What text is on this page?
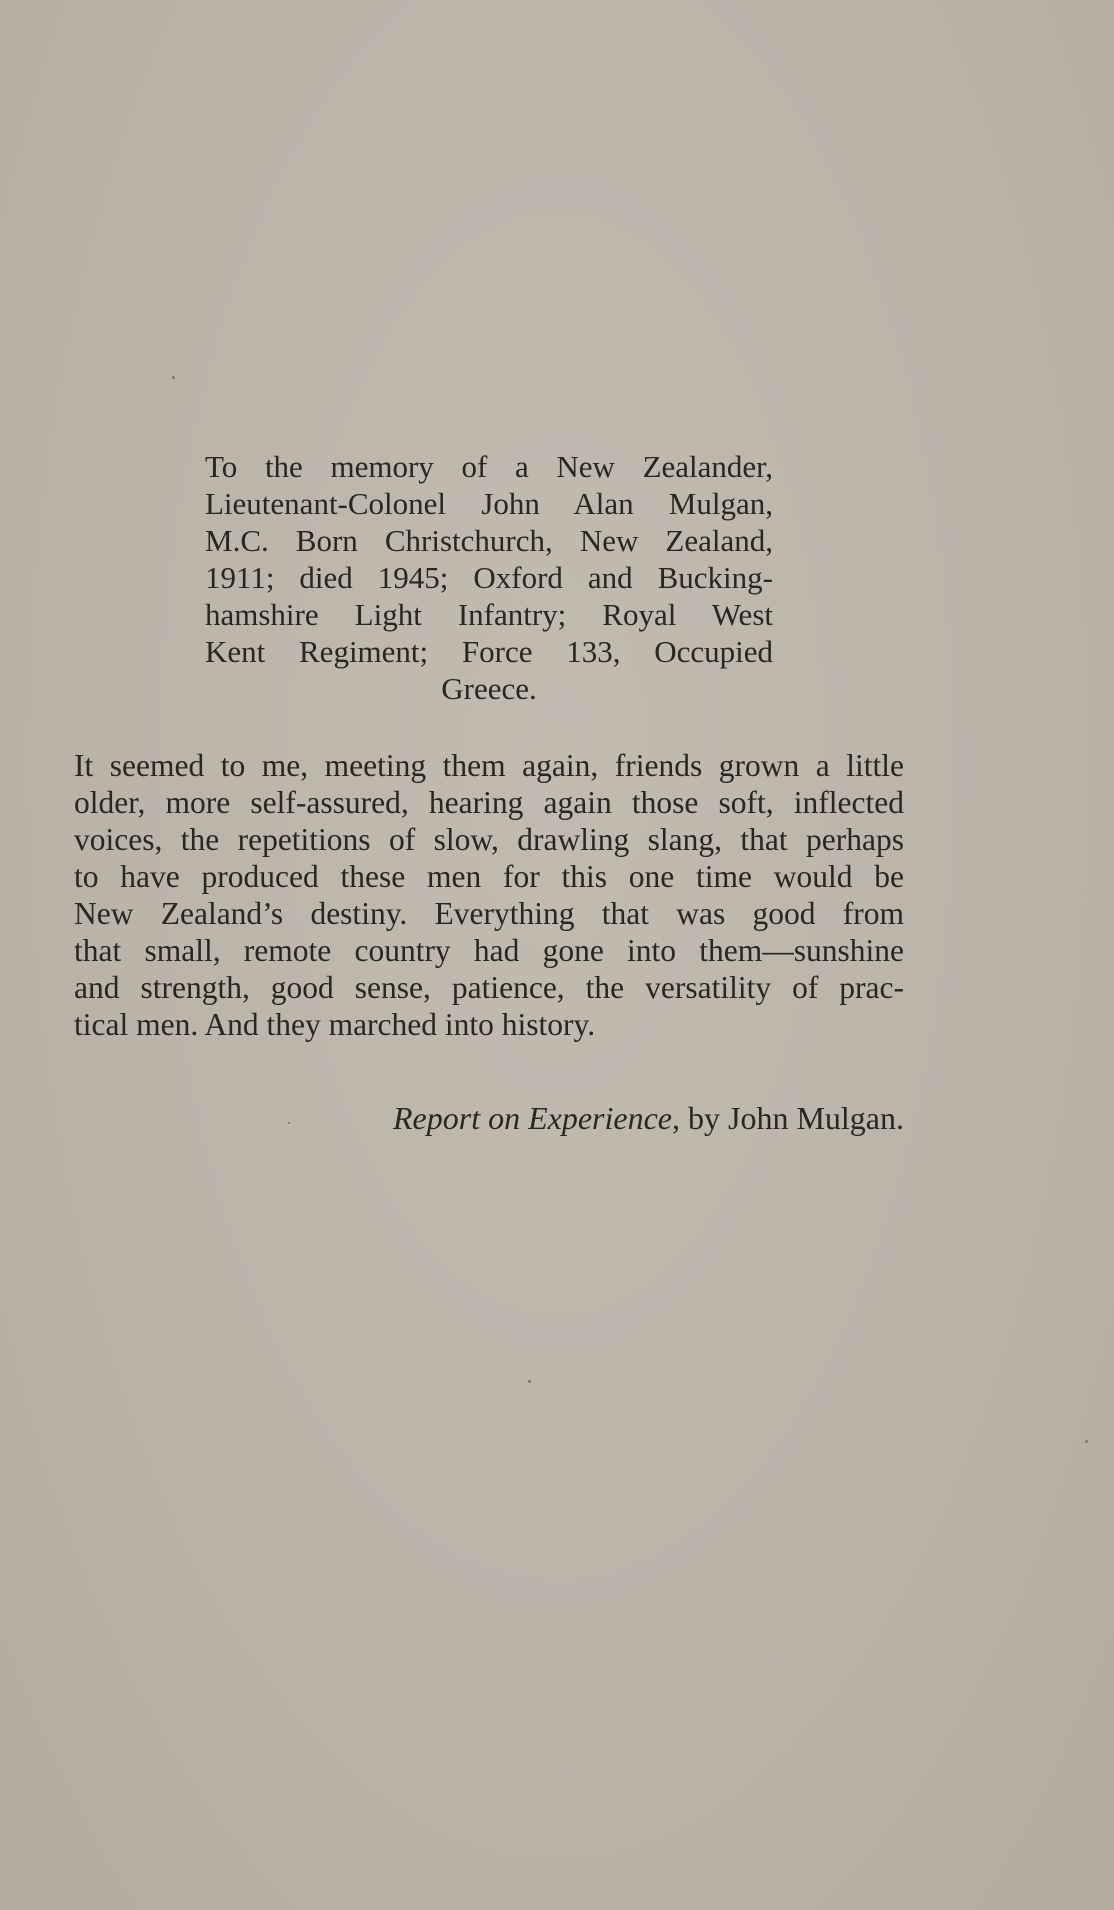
To the memory of a New Zealander,
Lieutenant-Colonel John Alan Mulgan,
M.C. Born Christchurch, New Zealand,
1911; died 1945; Oxford and Bucking-
hamshire Light Infantry; Royal West
Kent Regiment; Force 133, Occupied
Greece.
It seemed to me, meeting them again, friends grown a little
older, more self-assured, hearing again those soft, inflected
voices, the repetitions of slow, drawling slang, that perhaps
to have produced these men for this one time would be
New Zealand’s destiny. Everything that was good from
that small, remote country had gone into them—sunshine
and strength, good sense, patience, the versatility of prac-
tical men. And they marched into history.
Report on Experience, by John Mulgan.
